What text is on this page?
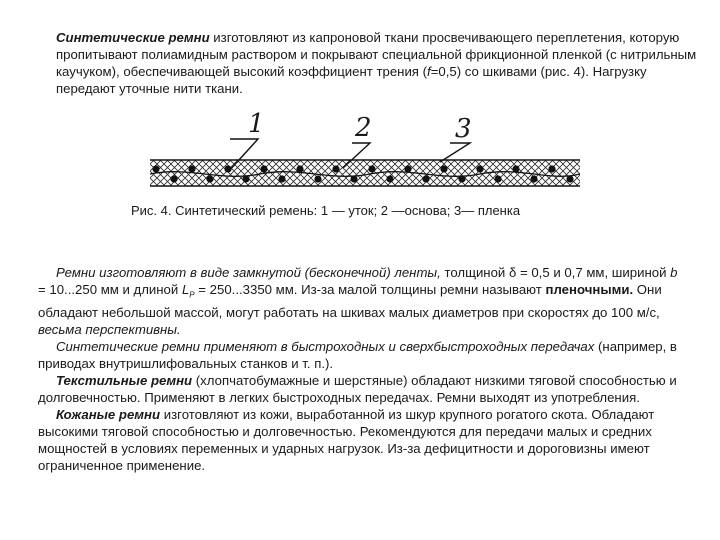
Синтетические ремни изготовляют из капроновой ткани просвечивающего переплетения, которую пропитывают полиамидным раствором и покрывают специальной фрикционной пленкой (с нитрильным каучуком), обеспечивающей высокий коэффициент трения (f=0,5) со шкивами (рис. 4). Нагрузку передают уточные нити ткани.

1	2	3
Рис. 4. Синтетический ремень: 1 — уток; 2 —основа; 3— пленка

Ремни изготовляют в виде замкнутой (бесконечной) ленты, толщиной δ = 0,5 и 0,7 мм, шириной b = 10...250 мм и длиной $L_P = 250...3350$ мм. Из-за малой толщины ремни называют пленочными. Они обладают небольшой массой, могут работать на шкивах малых диаметров при скоростях до 100 м/с, весьма перспективны.
Синтетические ремни применяют в быстроходных и сверхбыстроходных передачах (например, в приводах внутришлифовальных станков и т. п.).
Текстильные ремни (хлопчатобумажные и шерстяные) обладают низкими тяговой способностью и долговечностью. Применяют в легких быстроходных передачах. Ремни выходят из употребления.
Кожаные ремни изготовляют из кожи, выработанной из шкур крупного рогатого скота. Обладают высокими тяговой способностью и долговечностью. Рекомендуются для передачи малых и средних мощностей в условиях переменных и ударных нагрузок. Из-за дефицитности и дороговизны имеют ограниченное применение.
